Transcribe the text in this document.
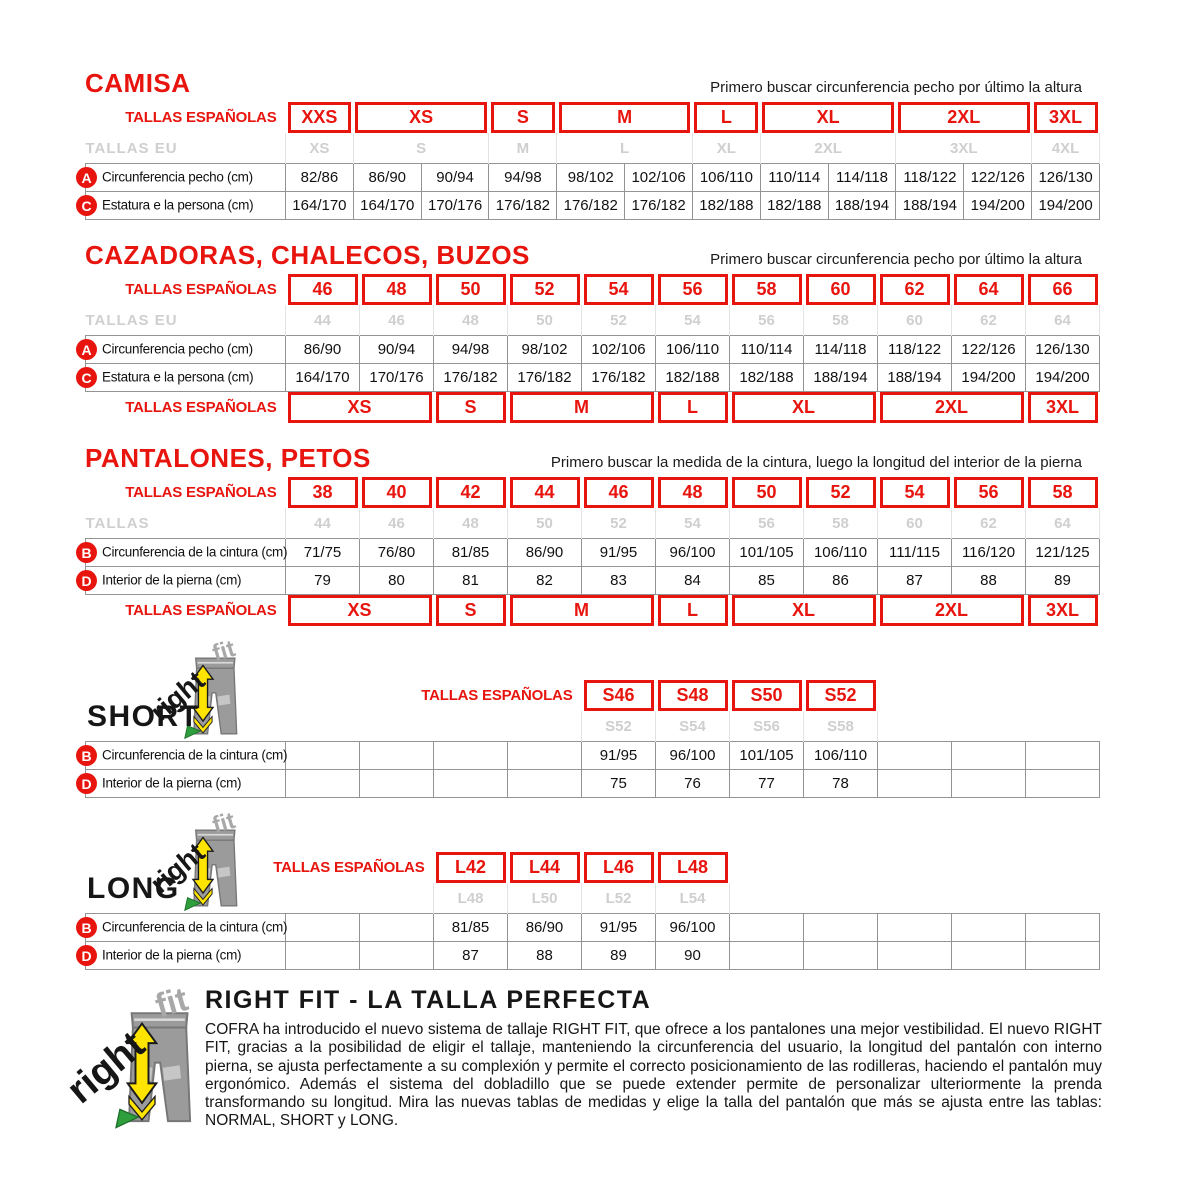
CAMISA	Primero buscar circunferencia pecho por último la altura
TALLAS ESPAÑOLAS	XXS	XS		S	M		L	XL		2XL		3XL

TALLAS EU	XS	S		M	L		XL	2XL		3XL		4XL
A Circunferencia pecho (cm)	82/86	86/90	90/94	94/98	98/102	102/106	106/110	110/114	114/118	118/122	122/126	126/130
C Estatura e la persona (cm)	164/170	164/170	170/176	176/182	176/182	176/182	182/188	182/188	188/194	188/194	194/200	194/200
CAZADORAS, CHALECOS, BUZOS	Primero buscar circunferencia pecho por último la altura
TALLAS ESPAÑOLAS	46	48	50	52	54	56	58	60	62	64	66

TALLAS EU	44	46	48	50	52	54	56	58	60	62	64
A Circunferencia pecho (cm)	86/90	90/94	94/98	98/102	102/106	106/110	110/114	114/118	118/122	122/126	126/130
C Estatura e la persona (cm)	164/170	170/176	176/182	176/182	176/182	182/188	182/188	188/194	188/194	194/200	194/200
TALLAS ESPAÑOLAS	XS		S	M		L	XL		2XL		3XL
PANTALONES, PETOS	Primero buscar la medida de la cintura, luego la longitud del interior de la pierna
TALLAS ESPAÑOLAS	38	40	42	44	46	48	50	52	54	56	58

TALLAS	44	46	48	50	52	54	56	58	60	62	64
B Circunferencia de la cintura (cm)	71/75	76/80	81/85	86/90	91/95	96/100	101/105	106/110	111/115	116/120	121/125
D Interior de la pierna (cm)	79	80	81	82	83	84	85	86	87	88	89
TALLAS ESPAÑOLAS	XS		S	M		L	XL		2XL		3XL
SHORT
TALLAS ESPAÑOLAS					S46	S48	S50	S52			

					S52	S54	S56	S58			
B Circunferencia de la cintura (cm)					91/95	96/100	101/105	106/110			
D Interior de la pierna (cm)					75	76	77	78			
LONG
TALLAS ESPAÑOLAS			L42	L44	L46	L48					

			L48	L50	L52	L54					
B Circunferencia de la cintura (cm)			81/85	86/90	91/95	96/100					
D Interior de la pierna (cm)			87	88	89	90					
RIGHT FIT - LA TALLA PERFECTA

COFRA ha introducido el nuevo sistema de tallaje RIGHT FIT, que ofrece a los pantalones una mejor vestibilidad. El nuevo RIGHT FIT, gracias a la posibilidad de eligir el tallaje, manteniendo la circunferencia del usuario, la longitud del pantalón con interno pierna, se ajusta perfectamente a su complexión y permite el correcto posicionamiento de las rodilleras, haciendo el pantalón muy ergonómico. Además el sistema del dobladillo que se puede extender permite de personalizar ulteriormente la prenda transformando su longitud. Mira las nuevas tablas de medidas y elige la talla del pantalón que más se ajusta entre las tablas: NORMAL, SHORT y LONG.
